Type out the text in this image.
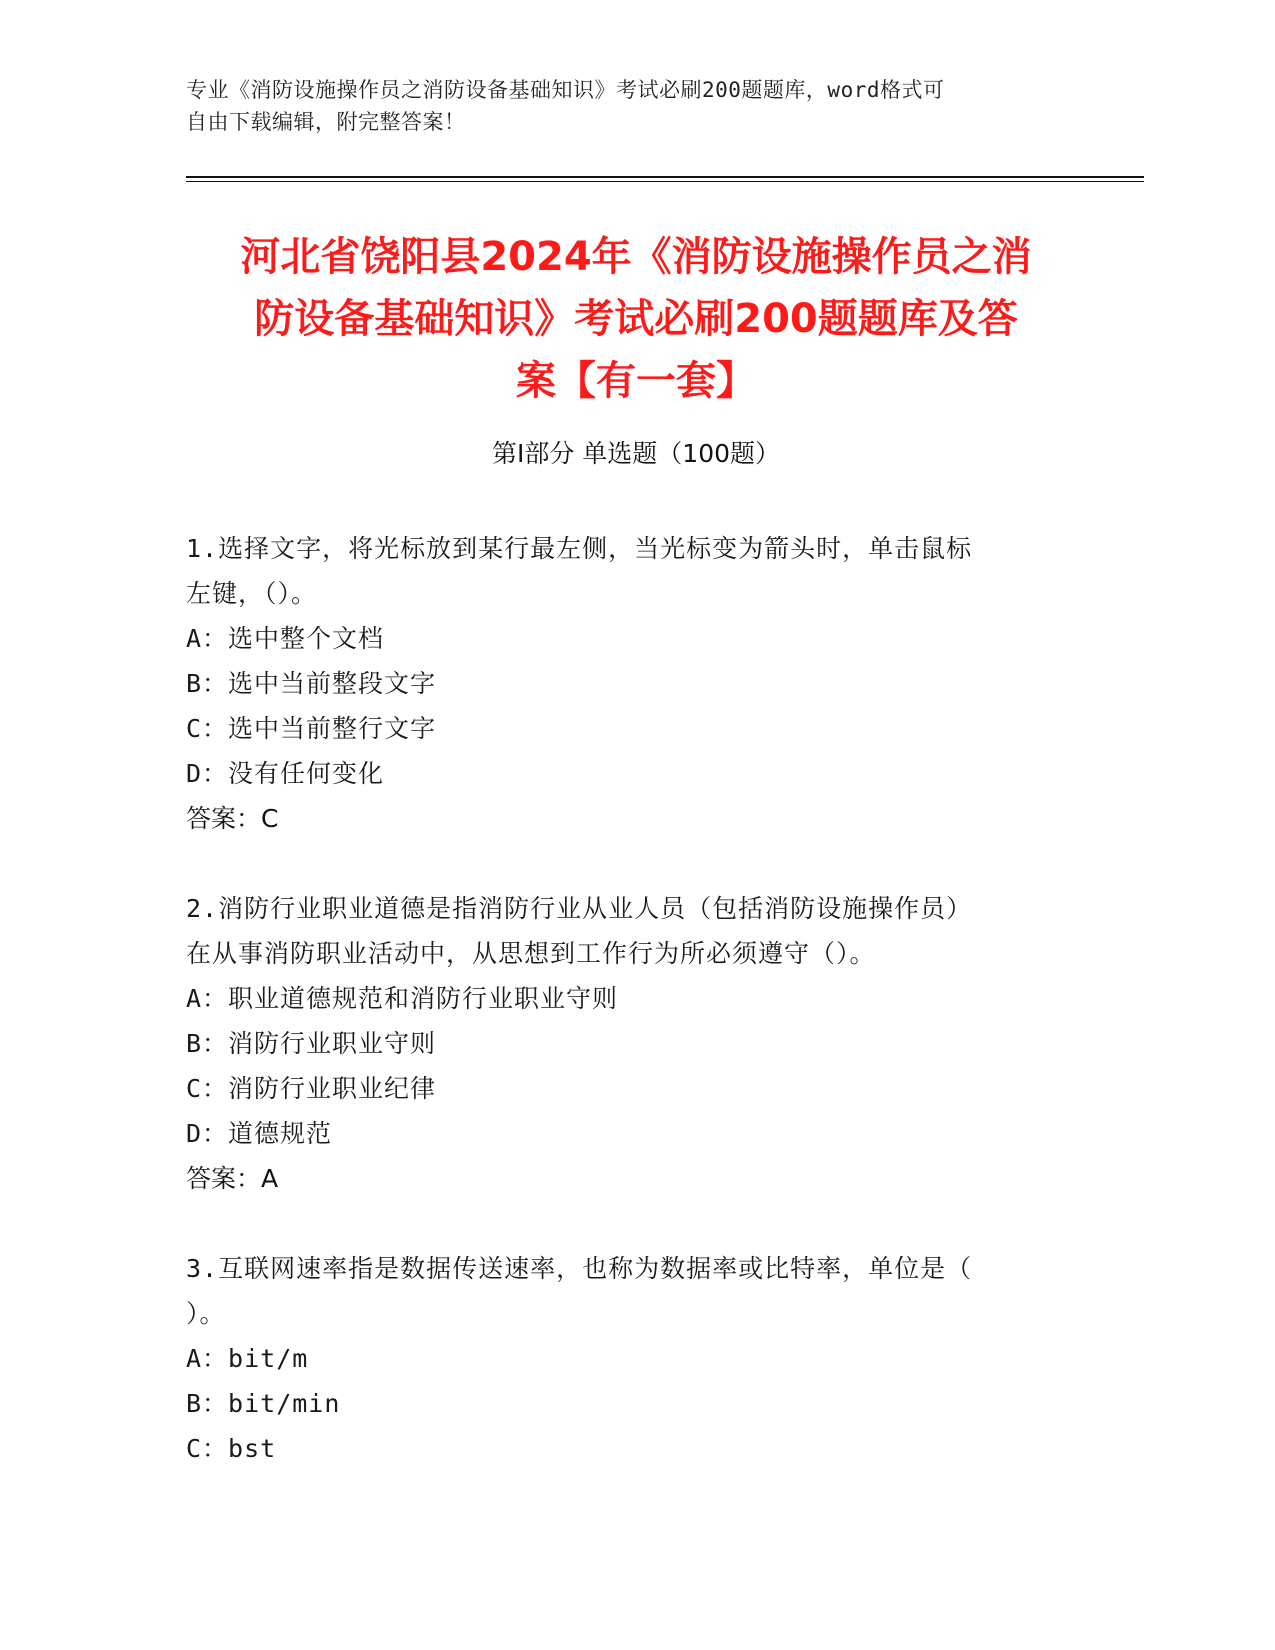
专业《消防设施操作员之消防设备基础知识》考试必刷200题题库，word格式可
自由下载编辑，附完整答案！
河北省饶阳县2024年《消防设施操作员之消
防设备基础知识》考试必刷200题题库及答
案【有一套】
第I部分 单选题（100题）

1.选择文字，将光标放到某行最左侧，当光标变为箭头时，单击鼠标

左键，（）。

A：选中整个文档

B：选中当前整段文字

C：选中当前整行文字

D：没有任何变化

答案：C

2.消防行业职业道德是指消防行业从业人员（包括消防设施操作员）

在从事消防职业活动中，从思想到工作行为所必须遵守（）。

A：职业道德规范和消防行业职业守则

B：消防行业职业守则

C：消防行业职业纪律

D：道德规范

答案：A

3.互联网速率指是数据传送速率，也称为数据率或比特率，单位是（

）。

A：bit/m

B：bit/min

C：bst
